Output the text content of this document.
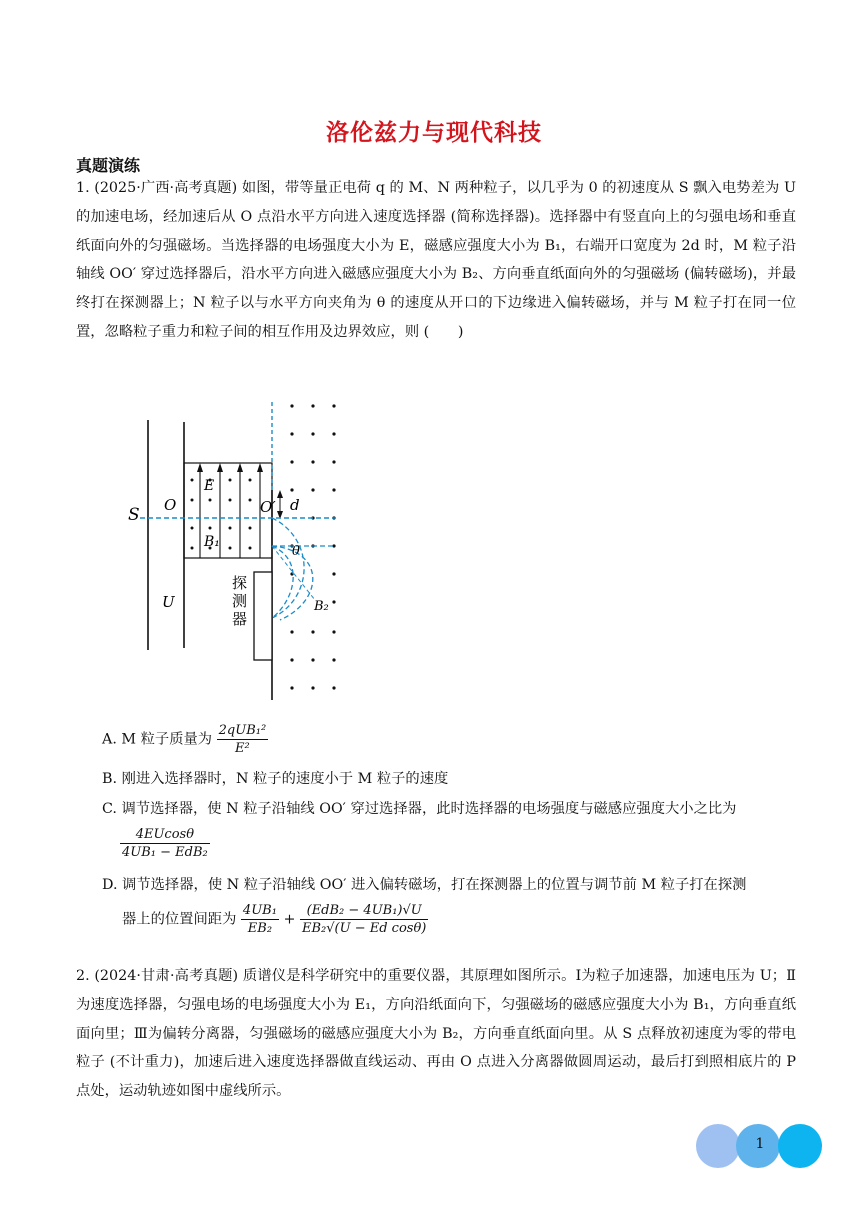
洛伦兹力与现代科技
真题演练
1. (2025·广西·高考真题) 如图，带等量正电荷 q 的 M、N 两种粒子，以几乎为 0 的初速度从 S 飘入电势差为 U 的加速电场，经加速后从 O 点沿水平方向进入速度选择器 (简称选择器)。选择器中有竖直向上的匀强电场和垂直纸面向外的匀强磁场。当选择器的电场强度大小为 E，磁感应强度大小为 B₁，右端开口宽度为 2d 时，M 粒子沿轴线 OO′ 穿过选择器后，沿水平方向进入磁感应强度大小为 B₂、方向垂直纸面向外的匀强磁场 (偏转磁场)，并最终打在探测器上；N 粒子以与水平方向夹角为 θ 的速度从开口的下边缘进入偏转磁场，并与 M 粒子打在同一位置，忽略粒子重力和粒子间的相互作用及边界效应，则 (　　)
S O	O′
E
B₁
d
θ
B₂
U
探
测
器
A. M 粒子质量为 $\frac{\text{2qUB₁²}}{\text{E²}}$
B. 刚进入选择器时，N 粒子的速度小于 M 粒子的速度
C. 调节选择器，使 N 粒子沿轴线 OO′ 穿过选择器，此时选择器的电场强度与磁感应强度大小之比为
$\frac{4EUcos\theta}{\text{4UB₁ − EdB₂}}$
D. 调节选择器，使 N 粒子沿轴线 OO′ 进入偏转磁场，打在探测器上的位置与调节前 M 粒子打在探测
器上的位置间距为 $\frac{\text{4UB₁}}{\text{EB₂}} + \frac{\text{(EdB₂ − 4UB₁)√U}}{\text{EB₂√(U − Ed cosθ)}}$
2. (2024·甘肃·高考真题) 质谱仪是科学研究中的重要仪器，其原理如图所示。Ⅰ为粒子加速器，加速电压为 U；Ⅱ为速度选择器，匀强电场的电场强度大小为 E₁，方向沿纸面向下，匀强磁场的磁感应强度大小为 B₁，方向垂直纸面向里；Ⅲ为偏转分离器，匀强磁场的磁感应强度大小为 B₂，方向垂直纸面向里。从 S 点释放初速度为零的带电粒子 (不计重力)，加速后进入速度选择器做直线运动、再由 O 点进入分离器做圆周运动，最后打到照相底片的 P 点处，运动轨迹如图中虚线所示。
1
